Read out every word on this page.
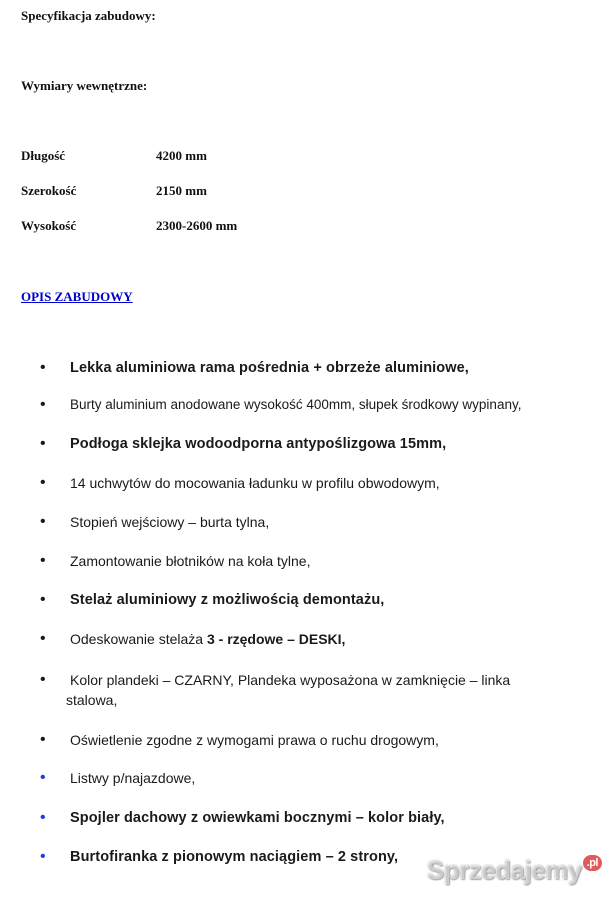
Specyfikacja zabudowy:
Wymiary wewnętrzne:
Długość	4200 mm
Szerokość	2150 mm
Wysokość	2300-2600 mm
OPIS ZABUDOWY
•	Lekka aluminiowa rama pośrednia + obrzeże aluminiowe,
•	Burty aluminium anodowane wysokość 400mm, słupek środkowy wypinany,
•	Podłoga sklejka wodoodporna antypoślizgowa 15mm,
•	14 uchwytów do mocowania ładunku w profilu obwodowym,
•	Stopień wejściowy – burta tylna,
•	Zamontowanie błotników na koła tylne,
•	Stelaż aluminiowy z możliwością demontażu,
•	Odeskowanie stelaża 3 - rzędowe – DESKI,
•	Kolor plandeki – CZARNY, Plandeka wyposażona w zamknięcie – linka
stalowa,
•	Oświetlenie zgodne z wymogami prawa o ruchu drogowym,
•	Listwy p/najazdowe,
•	Spojler dachowy z owiewkami bocznymi – kolor biały,
•	Burtofiranka z pionowym naciągiem – 2 strony,	Sprzedajemy .pl
